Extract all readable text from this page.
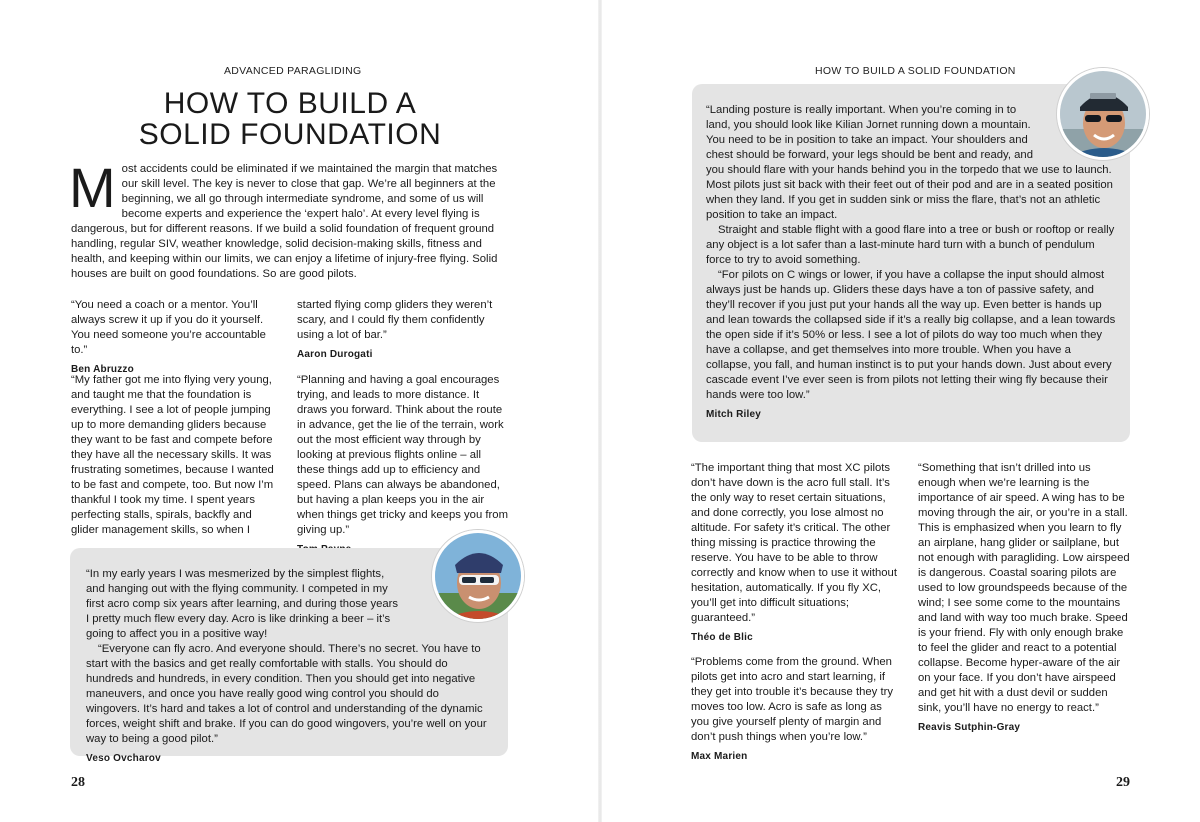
ADVANCED PARAGLIDING
HOW TO BUILD A
SOLID FOUNDATION
M ost accidents could be eliminated if we maintained the margin that matches our skill level. The key is never to close that gap. We’re all beginners at the beginning, we all go through intermediate syndrome, and some of us will become experts and experience the ‘expert halo’. At every level flying is dangerous, but for different reasons. If we build a solid foundation of frequent ground handling, regular SIV, weather knowledge, solid decision-making skills, fitness and health, and keeping within our limits, we can enjoy a lifetime of injury-free flying. Solid houses are built on good foundations. So are good pilots.
“You need a coach or a mentor. You’ll always screw it up if you do it yourself. You need someone you’re accountable to.”
Ben Abruzzo
“My father got me into flying very young, and taught me that the foundation is everything. I see a lot of people jumping up to more demanding gliders because they want to be fast and compete before they have all the necessary skills. It was frustrating sometimes, because I wanted to be fast and compete, too. But now I’m thankful I took my time. I spent years perfecting stalls, spirals, backfly and glider management skills, so when I
started flying comp gliders they weren’t scary, and I could fly them confidently using a lot of bar.”
Aaron Durogati
“Planning and having a goal encourages trying, and leads to more distance. It draws you forward. Think about the route in advance, get the lie of the terrain, work out the most efficient way through by looking at previous flights online – all these things add up to efficiency and speed. Plans can always be abandoned, but having a plan keeps you in the air when things get tricky and keeps you from giving up.”

“In my early years I was mesmerized by the simplest flights, and hanging out with the flying community. I competed in my first acro comp six years after learning, and during those years I pretty much flew every day. Acro is like drinking a beer – it’s going to affect you in a positive way!

“Everyone can fly acro. And everyone should. There’s no secret. You have to start with the basics and get really comfortable with stalls. You should do hundreds and hundreds, in every condition. Then you should get into negative maneuvers, and once you have really good wing control you should do wingovers. It’s hard and takes a lot of control and understanding of the dynamic forces, weight shift and brake. If you can do good wingovers, you’re well on your way to being a good pilot.”

Veso Ovcharov
28
HOW TO BUILD A SOLID FOUNDATION

“Landing posture is really important. When you’re coming in to land, you should look like Kilian Jornet running down a mountain. You need to be in position to take an impact. Your shoulders and chest should be forward, your legs should be bent and ready, and you should flare with your hands behind you in the torpedo that we use to launch. Most pilots just sit back with their feet out of their pod and are in a seated position when they land. If you get in sudden sink or miss the flare, that’s not an athletic position to take an impact.

Straight and stable flight with a good flare into a tree or bush or rooftop or really any object is a lot safer than a last-minute hard turn with a bunch of pendulum force to try to avoid something.

“For pilots on C wings or lower, if you have a collapse the input should almost always just be hands up. Gliders these days have a ton of passive safety, and they’ll recover if you just put your hands all the way up. Even better is hands up and lean towards the collapsed side if it’s a really big collapse, and a lean towards the open side if it’s 50% or less. I see a lot of pilots do way too much when they have a collapse, and get themselves into more trouble. When you have a collapse, you fall, and human instinct is to put your hands down. Just about every cascade event I’ve ever seen is from pilots not letting their wing fly because their hands were too low.”

Mitch Riley
“The important thing that most XC pilots don’t have down is the acro full stall. It’s the only way to reset certain situations, and done correctly, you lose almost no altitude. For safety it’s critical. The other thing missing is practice throwing the reserve. You have to be able to throw correctly and know when to use it without hesitation, automatically. If you fly XC, you’ll get into difficult situations; guaranteed.”
Théo de Blic
“Problems come from the ground. When pilots get into acro and start learning, if they get into trouble it’s because they try moves too low. Acro is safe as long as you give yourself plenty of margin and don’t push things when you’re low.”
Max Marien
“Something that isn’t drilled into us enough when we’re learning is the importance of air speed. A wing has to be moving through the air, or you’re in a stall. This is emphasized when you learn to fly an airplane, hang glider or sailplane, but not enough with paragliding. Low airspeed is dangerous. Coastal soaring pilots are used to low groundspeeds because of the wind; I see some come to the mountains and land with way too much brake. Speed is your friend. Fly with only enough brake to feel the glider and react to a potential collapse. Become hyper-aware of the air on your face. If you don’t have airspeed and get hit with a dust devil or sudden sink, you’ll have no energy to react.”
Reavis Sutphin-Gray
29
